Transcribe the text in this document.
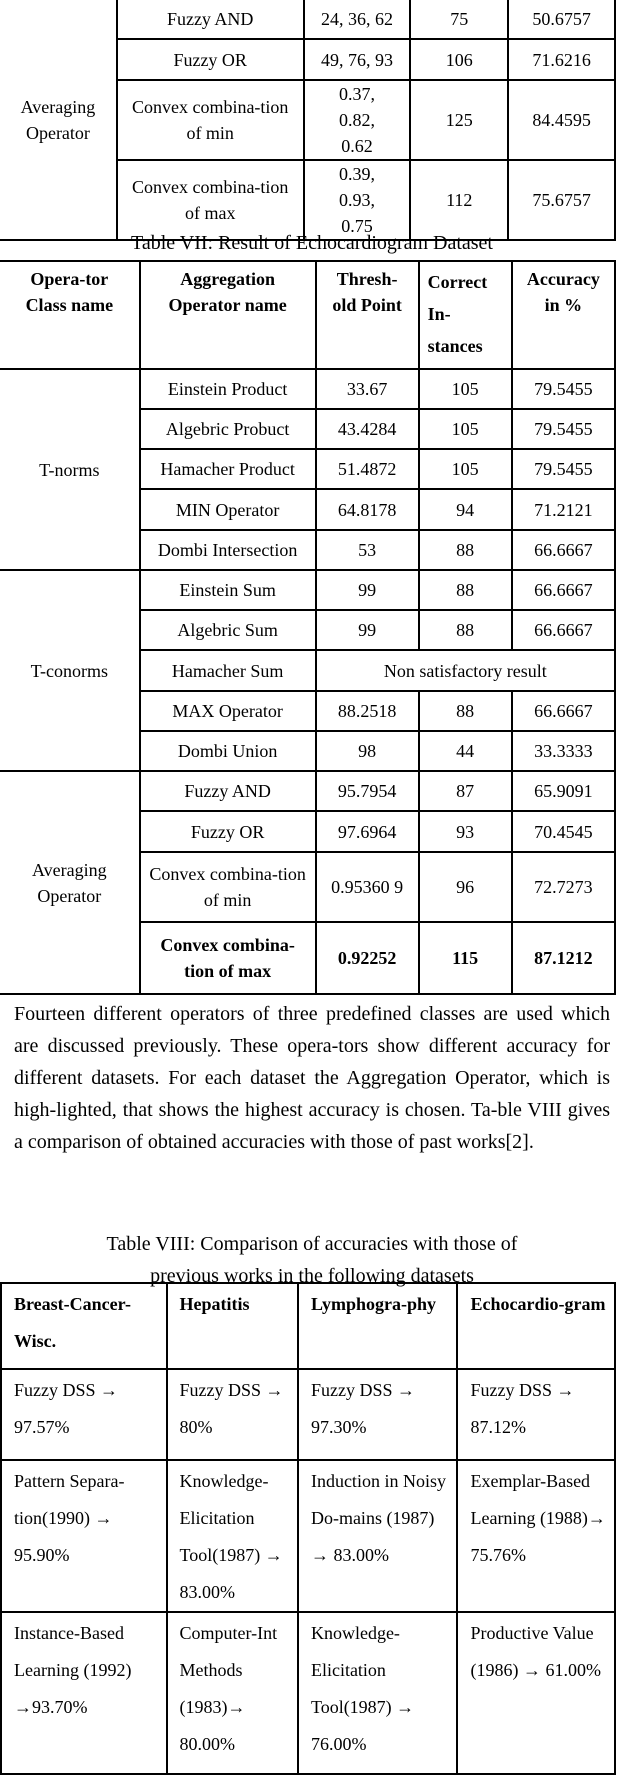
Averaging Operator	Fuzzy AND	24, 36, 62	75	50.6757
	Fuzzy OR	49, 76, 93	106	71.6216
	Convex combina-tion of min	0.37, 0.82, 0.62	125	84.4595
	Convex combina-tion of max	0.39, 0.93, 0.75	112	75.6757
Table VII: Result of Echocardiogram Dataset
Opera-tor Class name	Aggregation Operator name	Thresh-old Point	Correct In-stances	Accuracy in %
T-norms	Einstein Product	33.67	105	79.5455
	Algebric Probuct	43.4284	105	79.5455
	Hamacher Product	51.4872	105	79.5455
	MIN Operator	64.8178	94	71.2121
	Dombi Intersection	53	88	66.6667
T-conorms	Einstein Sum	99	88	66.6667
	Algebric Sum	99	88	66.6667
	Hamacher Sum	Non satisfactory result		
	MAX Operator	88.2518	88	66.6667
	Dombi Union	98	44	33.3333
Averaging Operator	Fuzzy AND	95.7954	87	65.9091
	Fuzzy OR	97.6964	93	70.4545
	Convex combina-tion of min	0.95360 9	96	72.7273
	Convex combina-tion of max	0.92252	115	87.1212

Fourteen different operators of three predefined classes are used which are discussed previously. These opera-tors show different accuracy for different datasets. For each dataset the Aggregation Operator, which is high-lighted, that shows the highest accuracy is chosen. Ta-ble VIII gives a comparison of obtained accuracies with those of past works[2].

Table VIII: Comparison of accuracies with those of
previous works in the following datasets
Breast-Cancer-Wisc.	Hepatitis	Lymphogra-phy	Echocardio-gram
Fuzzy DSS → 97.57%	Fuzzy DSS → 80%	Fuzzy DSS → 97.30%	Fuzzy DSS → 87.12%
Pattern Separa-tion(1990) → 95.90%	Knowledge-Elicitation Tool(1987) → 83.00%	Induction in Noisy Do-mains (1987) → 83.00%	Exemplar-Based Learning (1988)→ 75.76%
Instance-Based Learning (1992) →93.70%	Computer-Int Methods (1983)→ 80.00%	Knowledge-Elicitation Tool(1987) → 76.00%	Productive Value (1986) → 61.00%
